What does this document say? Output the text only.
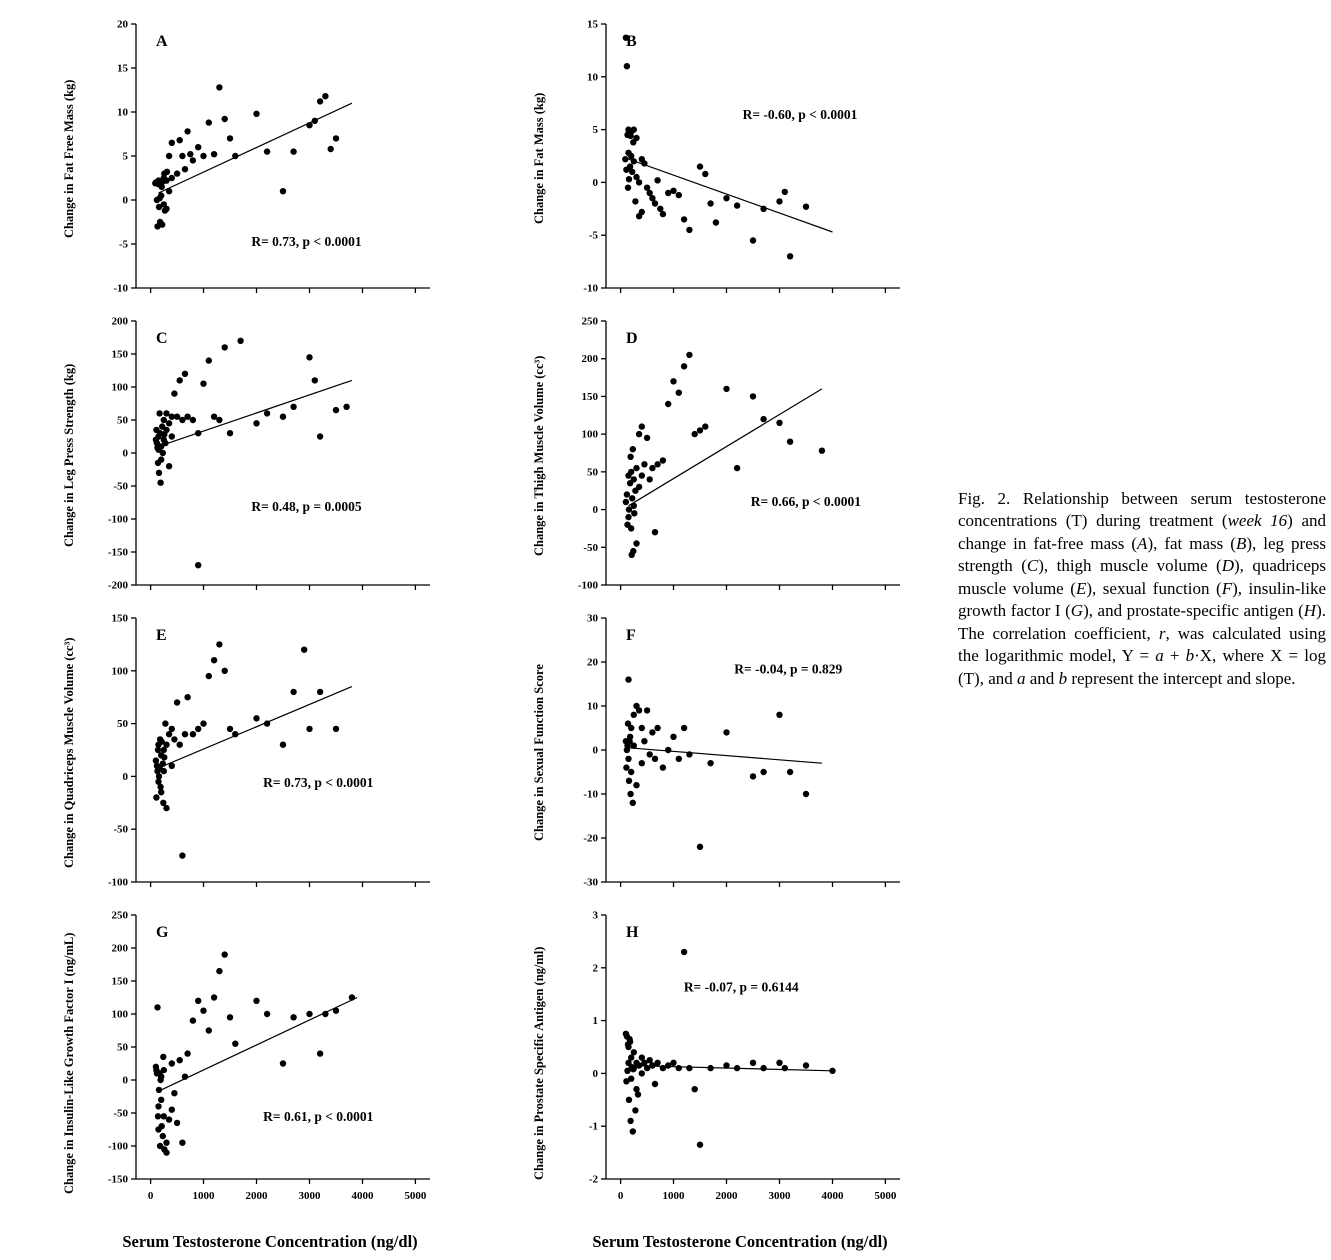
Change in Fat Free Mass (kg)
20
15
10
5
0
-5
-10
A
R= 0.73, p < 0.0001
Change in Leg Press Strength (kg)
200
150
100
50
0
-50
-100
-150
-200
C
R= 0.48, p = 0.0005
Change in Quadriceps Muscle Volume (cc³)
150
100
50
0
-50
-100
E
R= 0.73, p < 0.0001
Change in Insulin-Like Growth Factor I (ng/mL)
250
200
150
100
50
0
-50
-100
-150
0	1000	2000	3000	4000	5000
G
R= 0.61, p < 0.0001
Serum Testosterone Concentration (ng/dl)
Change in Fat Mass (kg)
15
10
5
0
-5
-10
B
R= -0.60, p < 0.0001
Change in Thigh Muscle Volume (cc³)
250
200
150
100
50
0
-50
-100
D
R= 0.66, p < 0.0001
Change in Sexual Function Score
30
20
10
0
-10
-20
-30
F
R= -0.04, p = 0.829
Change in Prostate Specific Antigen (ng/ml)
3
2
1
0
-1
-2
0	1000	2000	3000	4000	5000
H
R= -0.07, p = 0.6144
Serum Testosterone Concentration (ng/dl)
Fig. 2. Relationship between serum testosterone concentrations (T) during treatment (week 16) and change in fat-free mass (A), fat mass (B), leg press strength (C), thigh muscle volume (D), quadriceps muscle volume (E), sexual function (F), insulin-like growth factor I (G), and prostate-specific antigen (H). The correlation coefficient, r, was calculated using the logarithmic model, Y = a + b·X, where X = log (T), and a and b represent the intercept and slope.
